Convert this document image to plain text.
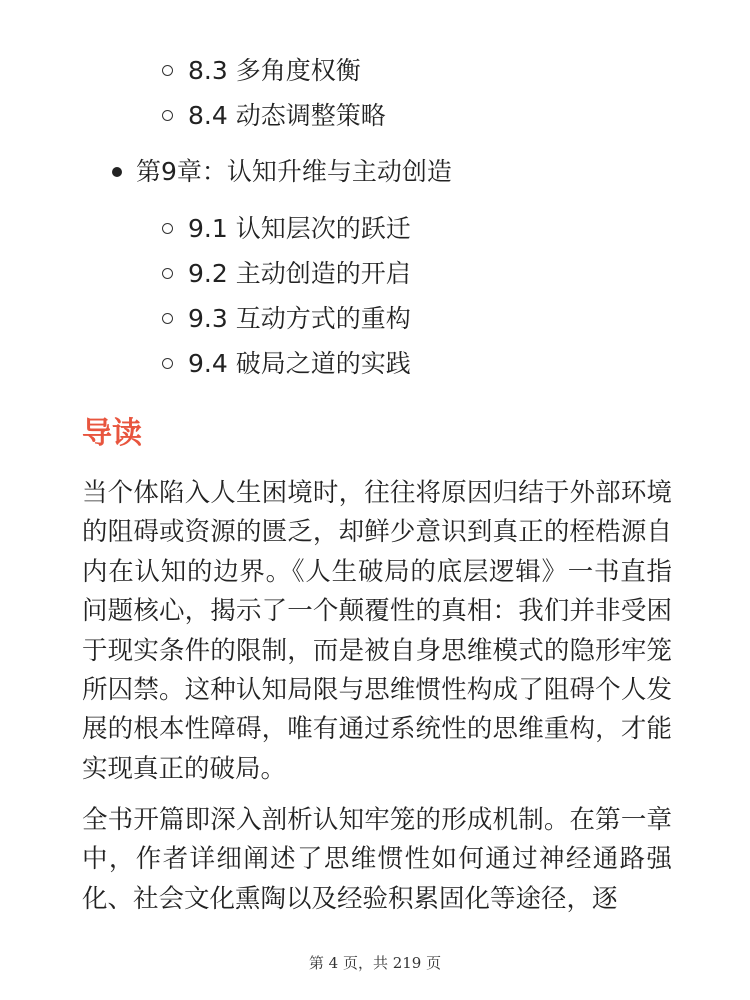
8.3 多角度权衡
8.4 动态调整策略
第9章：认知升维与主动创造
9.1 认知层次的跃迁
9.2 主动创造的开启
9.3 互动方式的重构
9.4 破局之道的实践
导读

当个体陷入人生困境时，往往将原因归结于外部环境的阻碍或资源的匮乏，却鲜少意识到真正的桎梏源自内在认知的边界。《人生破局的底层逻辑》一书直指问题核心，揭示了一个颠覆性的真相：我们并非受困于现实条件的限制，而是被自身思维模式的隐形牢笼所囚禁。这种认知局限与思维惯性构成了阻碍个人发展的根本性障碍，唯有通过系统性的思维重构，才能实现真正的破局。

全书开篇即深入剖析认知牢笼的形成机制。在第一章中，作者详细阐述了思维惯性如何通过神经通路强化、社会文化熏陶以及经验积累固化等途径，逐

第 4 页，共 219 页
